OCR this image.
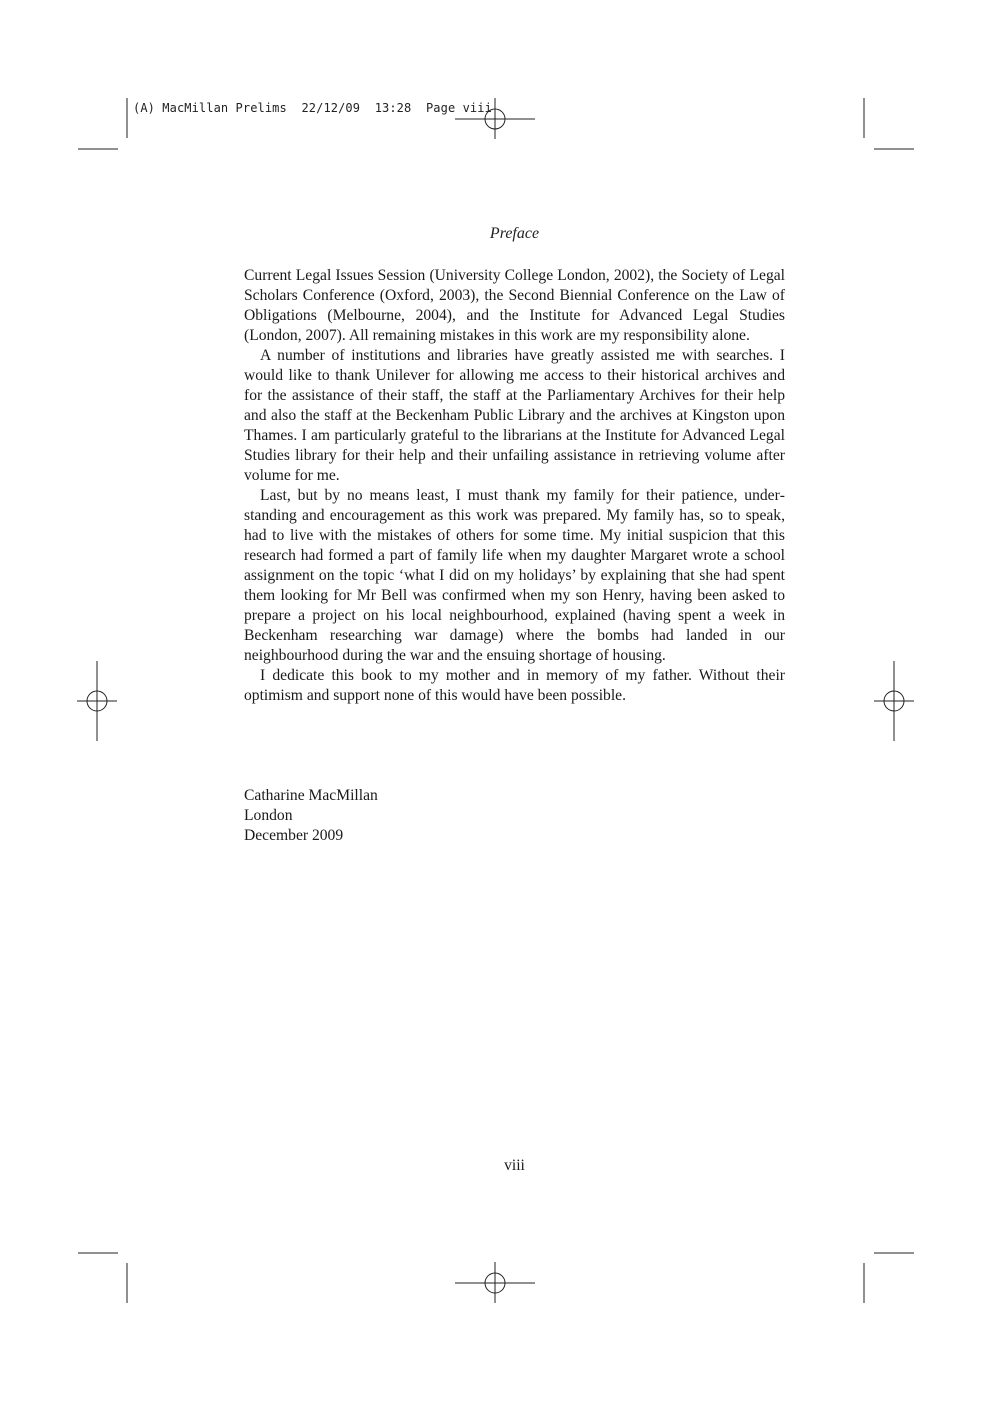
(A) MacMillan Prelims  22/12/09  13:28  Page viii
Preface

Current Legal Issues Session (University College London, 2002), the Society of Legal Scholars Conference (Oxford, 2003), the Second Biennial Conference on the Law of Obligations (Melbourne, 2004), and the Institute for Advanced Legal Studies (London, 2007). All remaining mistakes in this work are my responsibility alone.

A number of institutions and libraries have greatly assisted me with searches. I would like to thank Unilever for allowing me access to their historical archives and for the assistance of their staff, the staff at the Parliamentary Archives for their help and also the staff at the Beckenham Public Library and the archives at Kingston upon Thames. I am particularly grateful to the librarians at the Institute for Advanced Legal Studies library for their help and their unfailing assistance in retrieving volume after volume for me.

Last, but by no means least, I must thank my family for their patience, understanding and encouragement as this work was prepared. My family has, so to speak, had to live with the mistakes of others for some time. My initial suspicion that this research had formed a part of family life when my daughter Margaret wrote a school assignment on the topic ‘what I did on my holidays’ by explaining that she had spent them looking for Mr Bell was confirmed when my son Henry, having been asked to prepare a project on his local neighbourhood, explained (having spent a week in Beckenham researching war damage) where the bombs had landed in our neighbourhood during the war and the ensuing shortage of housing.

I dedicate this book to my mother and in memory of my father. Without their optimism and support none of this would have been possible.

Catharine MacMillan
London
December 2009
viii
